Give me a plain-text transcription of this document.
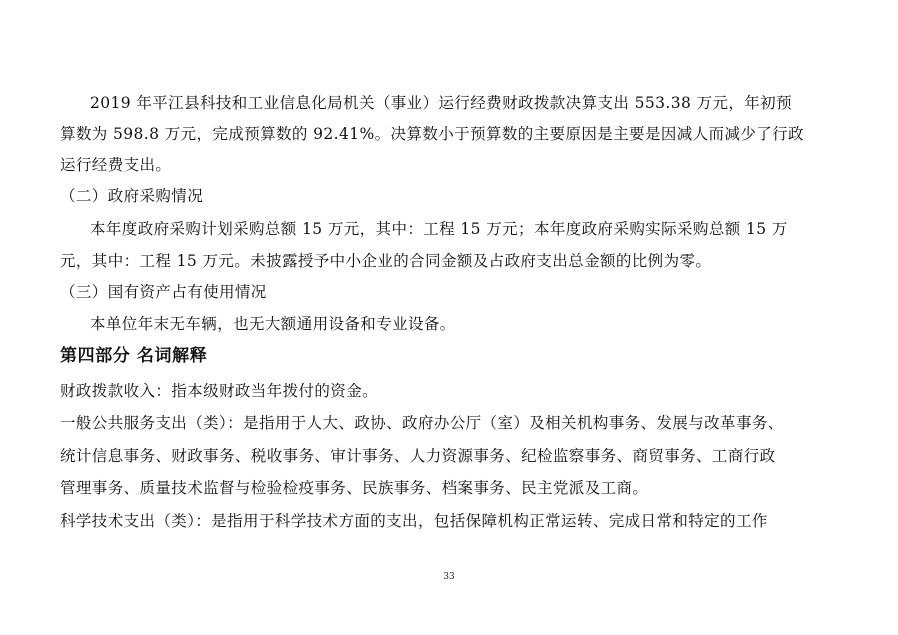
2019 年平江县科技和工业信息化局机关（事业）运行经费财政拨款决算支出 553.38 万元，年初预
算数为 598.8 万元，完成预算数的 92.41%。决算数小于预算数的主要原因是主要是因减人而减少了行政
运行经费支出。
（二）政府采购情况
本年度政府采购计划采购总额 15 万元，其中：工程 15 万元；本年度政府采购实际采购总额 15 万
元，其中：工程 15 万元。未披露授予中小企业的合同金额及占政府支出总金额的比例为零。
（三）国有资产占有使用情况
本单位年末无车辆，也无大额通用设备和专业设备。
第四部分 名词解释
财政拨款收入：指本级财政当年拨付的资金。
一般公共服务支出（类）：是指用于人大、政协、政府办公厅（室）及相关机构事务、发展与改革事务、
统计信息事务、财政事务、税收事务、审计事务、人力资源事务、纪检监察事务、商贸事务、工商行政
管理事务、质量技术监督与检验检疫事务、民族事务、档案事务、民主党派及工商。
科学技术支出（类）：是指用于科学技术方面的支出，包括保障机构正常运转、完成日常和特定的工作
33
